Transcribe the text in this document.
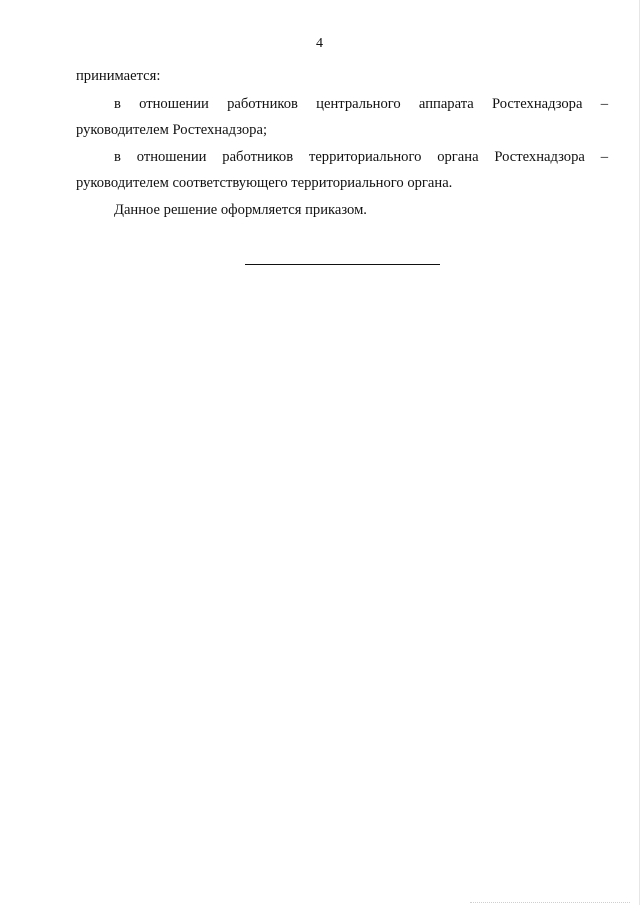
4
принимается:
в отношении работников центрального аппарата Ростехнадзора –
руководителем Ростехнадзора;
в отношении работников территориального органа Ростехнадзора –
руководителем соответствующего территориального органа.
Данное решение оформляется приказом.
